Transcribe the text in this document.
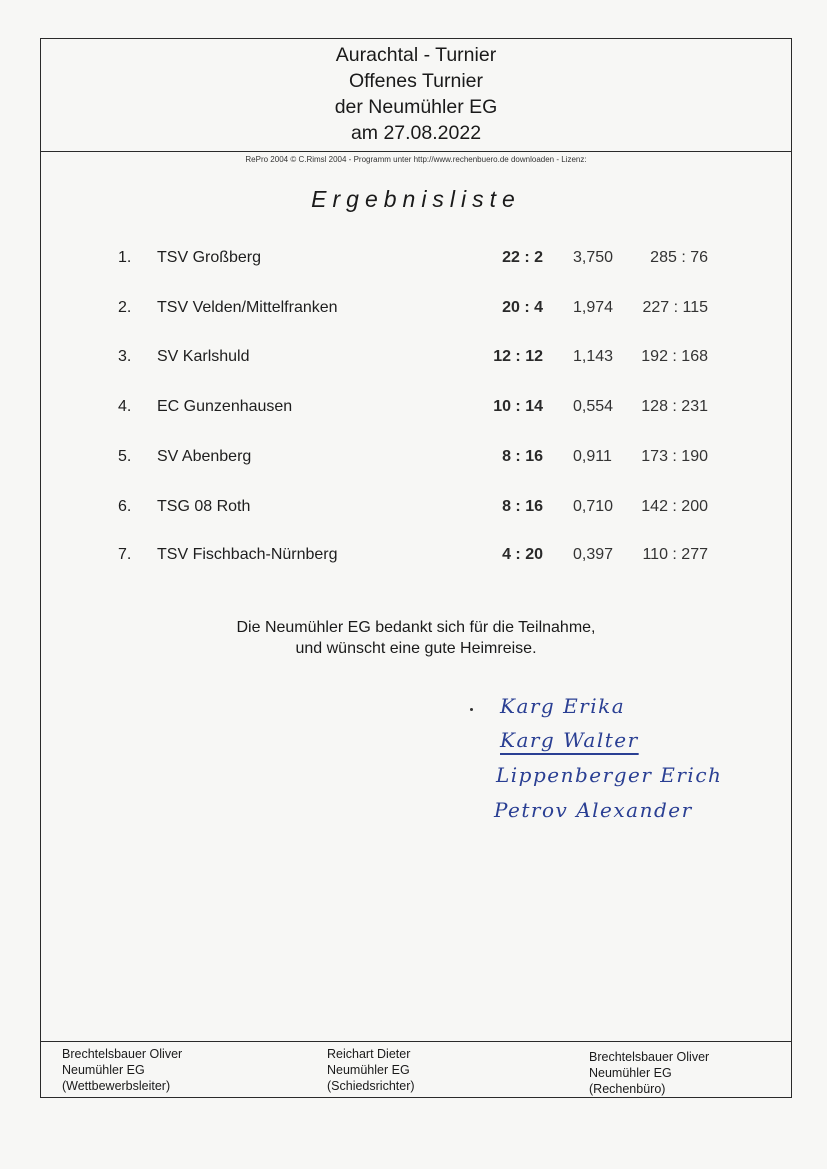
Aurachtal - Turnier
Offenes Turnier
der Neumühler EG
am 27.08.2022
RePro 2004 © C.Rimsl 2004 - Programm unter http://www.rechenbuero.de downloaden - Lizenz:
Ergebnisliste
1. TSV Großberg	22 : 2 3,750	285 : 76
2. TSV Velden/Mittelfranken	20 : 4 1,974 227 : 115
3. SV Karlshuld	12 : 12 1,143 192 : 168
4. EC Gunzenhausen	10 : 14 0,554 128 : 231
5. SV Abenberg	8 : 16 0,911 173 : 190
6. TSG 08 Roth	8 : 16 0,710 142 : 200
7. TSV Fischbach-Nürnberg	4 : 20 0,397 110 : 277
Die Neumühler EG bedankt sich für die Teilnahme,
und wünscht eine gute Heimreise.
Karg Erika
Karg Walter
Lippenberger Erich
Petrov Alexander
Brechtelsbauer Oliver
Neumühler EG
(Wettbewerbsleiter)
Reichart Dieter
Neumühler EG
(Schiedsrichter)
Brechtelsbauer Oliver
Neumühler EG
(Rechenbüro)
